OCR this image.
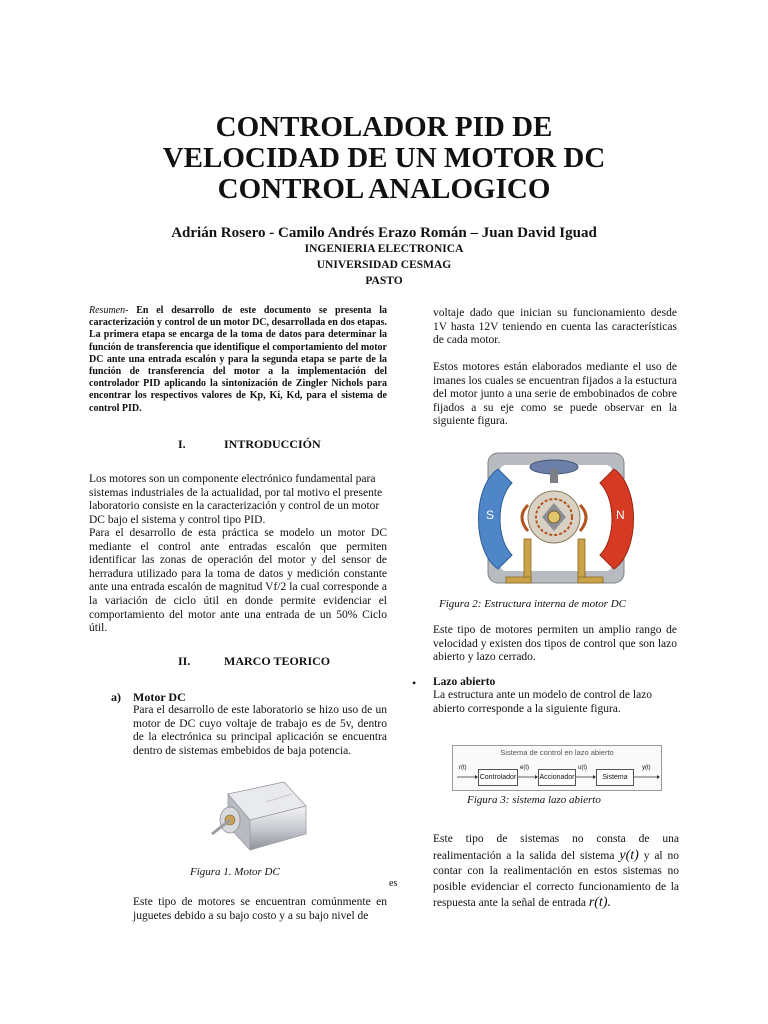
CONTROLADOR PID DE
VELOCIDAD DE UN MOTOR DC
CONTROL ANALOGICO
Adrián Rosero - Camilo Andrés Erazo Román – Juan David Iguad
INGENIERIA ELECTRONICA
UNIVERSIDAD CESMAG
PASTO
Resumen- En el desarrollo de este documento se presenta la caracterización y control de un motor DC, desarrollada en dos etapas. La primera etapa se encarga de la toma de datos para determinar la función de transferencia que identifique el comportamiento del motor DC ante una entrada escalón y para la segunda etapa se parte de la función de transferencia del motor a la implementación del controlador PID aplicando la sintonización de Zingler Nichols para encontrar los respectivos valores de Kp, Ki, Kd, para el sistema de control PID.
I.	INTRODUCCIÓN
Los motores son un componente electrónico fundamental para sistemas industriales de la actualidad, por tal motivo el presente laboratorio consiste en la caracterización y control de un motor DC bajo el sistema y control tipo PID.
Para el desarrollo de esta práctica se modelo un motor DC mediante el control ante entradas escalón que permiten identificar las zonas de operación del motor y del sensor de herradura utilizado para la toma de datos y medición constante ante una entrada escalón de magnitud Vf/2 la cual corresponde a la variación de ciclo útil en donde permite evidenciar el comportamiento del motor ante una entrada de un 50% Ciclo útil.
II.	MARCO TEORICO
a) Motor DC
Para el desarrollo de este laboratorio se hizo uso de un motor de DC cuyo voltaje de trabajo es de 5v, dentro de la electrónica su principal aplicación se encuentra dentro de sistemas embebidos de baja potencia.
Figura 1. Motor DC
es
Este tipo de motores se encuentran comúnmente en juguetes debido a su bajo costo y a su bajo nivel de
voltaje dado que inician su funcionamiento desde 1V hasta 12V teniendo en cuenta las características de cada motor.
Estos motores están elaborados mediante el uso de imanes los cuales se encuentran fijados a la estuctura del motor junto a una serie de embobinados de cobre fijados a su eje como se puede observar en la siguiente figura.
S	N
Figura 2: Estructura interna de motor DC
Este tipo de motores permiten un amplio rango de velocidad y existen dos tipos de control que son lazo abierto y lazo cerrado.
• Lazo abierto
La estructura ante un modelo de control de lazo abierto corresponde a la siguiente figura.
Sistema de control en lazo abierto
Controlador	Accionador	Sistema
r(t)	e(t)	u(t)	y(t)
Figura 3: sistema lazo abierto
Este tipo de sistemas no consta de una realimentación a la salida del sistema y(t) y al no contar con la realimentación en estos sistemas no posible evidenciar el correcto funcionamiento de la respuesta ante la señal de entrada r(t).
